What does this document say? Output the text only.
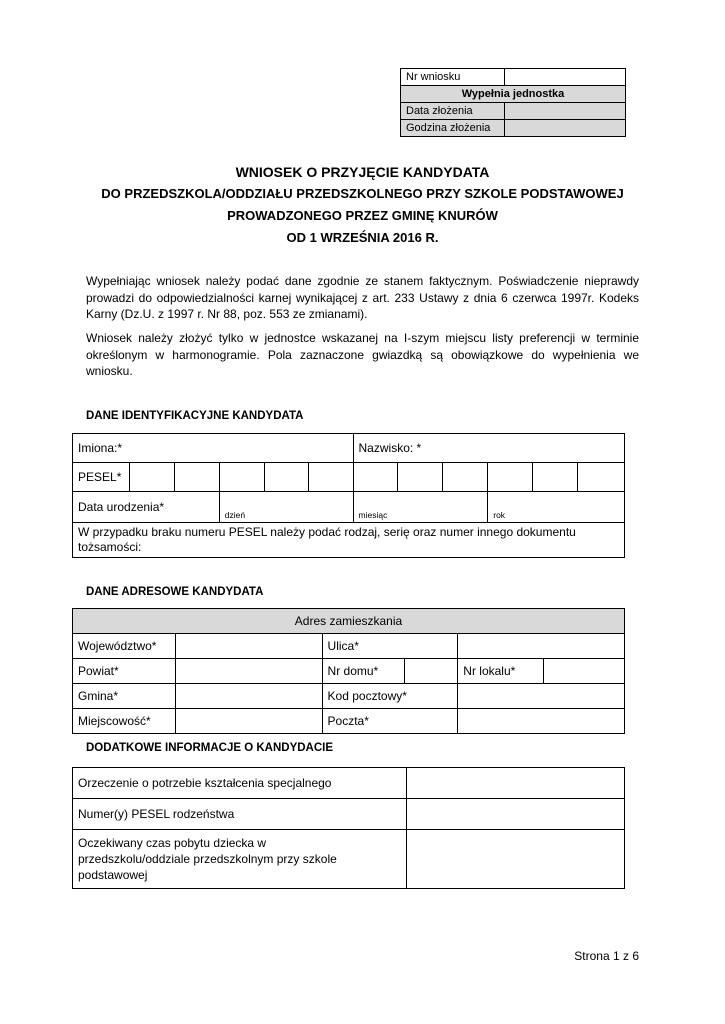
Nr wniosku	
Wypełnia jednostka	
Data złożenia	
Godzina złożenia	
WNIOSEK O PRZYJĘCIE KANDYDATA
DO PRZEDSZKOLA/ODDZIAŁU PRZEDSZKOLNEGO PRZY SZKOLE PODSTAWOWEJ
PROWADZONEGO PRZEZ GMINĘ KNURÓW
OD 1 WRZEŚNIA 2016 R.
Wypełniając wniosek należy podać dane zgodnie ze stanem faktycznym. Poświadczenie nieprawdy prowadzi do odpowiedzialności karnej wynikającej z art. 233 Ustawy z dnia 6 czerwca 1997r. Kodeks Karny (Dz.U. z 1997 r. Nr 88, poz. 553 ze zmianami).
Wniosek należy złożyć tylko w jednostce wskazanej na I-szym miejscu listy preferencji w terminie określonym w harmonogramie. Pola zaznaczone gwiazdką są obowiązkowe do wypełnienia we wniosku.
DANE IDENTYFIKACYJNE KANDYDATA
Imiona:*						Nazwisko: *					
PESEL*											
Data urodzenia*			dzień			miesiąc			rok		
W przypadku braku numeru PESEL należy podać rodzaj, serię oraz numer innego dokumentu tożsamości:											
DANE ADRESOWE KANDYDATA
Adres zamieszkania					
Województwo*		Ulica*			
Powiat*		Nr domu*		Nr lokalu*	
Gmina*		Kod pocztowy*			
Miejscowość*		Poczta*			
DODATKOWE INFORMACJE O KANDYDACIE
Orzeczenie o potrzebie kształcenia specjalnego	
Numer(y) PESEL rodzeństwa	

Oczekiwany czas pobytu dziecka w
przedszkolu/oddziale przedszkolnym przy szkole
podstawowej	

Strona 1 z 6
